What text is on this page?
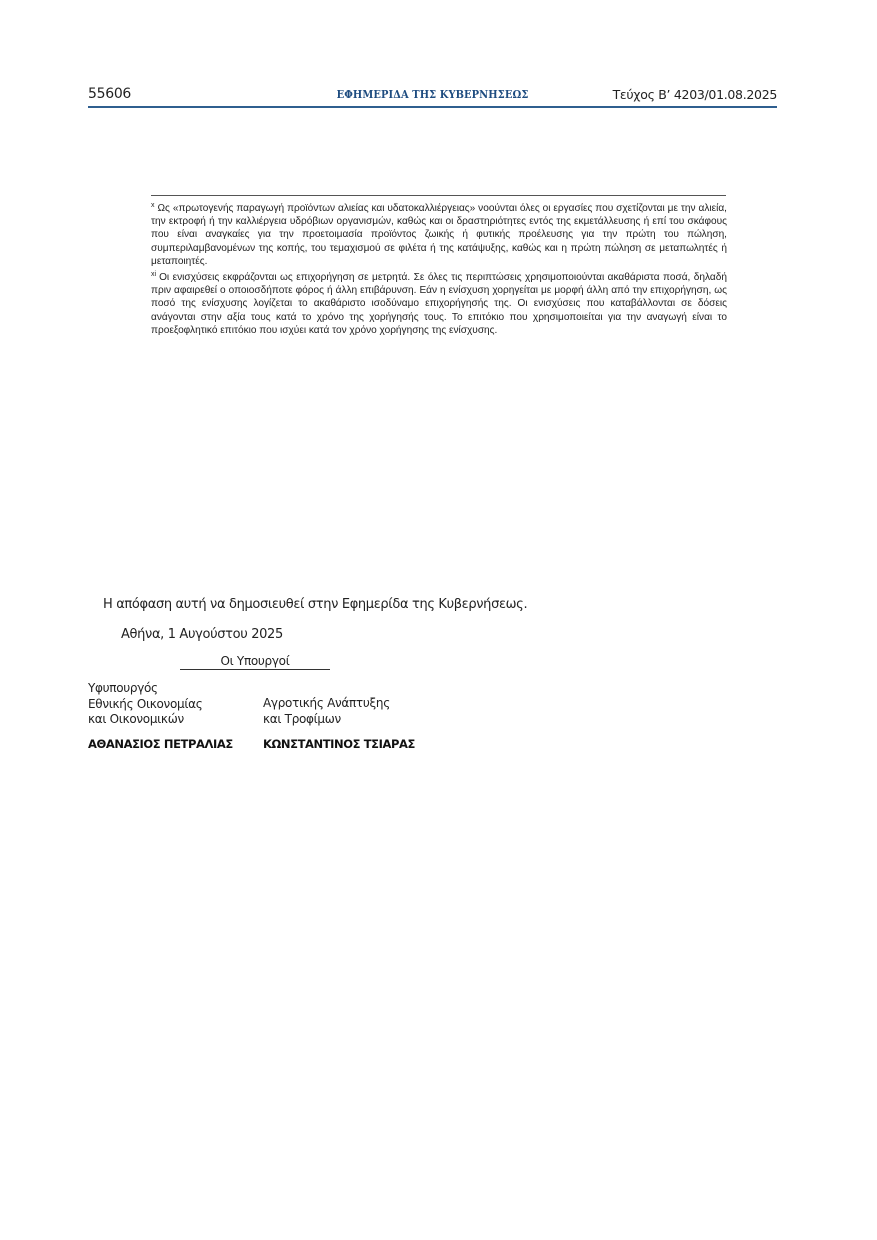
55606	ΕΦΗΜΕΡΙΔΑ ΤΗΣ ΚΥΒΕΡΝΗΣΕΩΣ	Τεύχος Β’ 4203/01.08.2025

$^x$ Ως «πρωτογενής παραγωγή προϊόντων αλιείας και υδατοκαλλιέργειας» νοούνται όλες οι εργασίες που σχετίζονται με την αλιεία, την εκτροφή ή την καλλιέργεια υδρόβιων οργανισμών, καθώς και οι δραστηριότητες εντός της εκμετάλλευσης ή επί του σκάφους που είναι αναγκαίες για την προετοιμασία προϊόντος ζωικής ή φυτικής προέλευσης για την πρώτη του πώληση, συμπεριλαμβανομένων της κοπής, του τεμαχισμού σε φιλέτα ή της κατάψυξης, καθώς και η πρώτη πώληση σε μεταπωλητές ή μεταποιητές.

$^{xi}$ Οι ενισχύσεις εκφράζονται ως επιχορήγηση σε μετρητά. Σε όλες τις περιπτώσεις χρησιμοποιούνται ακαθάριστα ποσά, δηλαδή πριν αφαιρεθεί ο οποιοσδήποτε φόρος ή άλλη επιβάρυνση. Εάν η ενίσχυση χορηγείται με μορφή άλλη από την επιχορήγηση, ως ποσό της ενίσχυσης λογίζεται το ακαθάριστο ισοδύναμο επιχορήγησής της. Οι ενισχύσεις που καταβάλλονται σε δόσεις ανάγονται στην αξία τους κατά το χρόνο της χορήγησής τους. Το επιτόκιο που χρησιμοποιείται για την αναγωγή είναι το προεξοφλητικό επιτόκιο που ισχύει κατά τον χρόνο χορήγησης της ενίσχυσης.

Η απόφαση αυτή να δημοσιευθεί στην Εφημερίδα της Κυβερνήσεως.
Αθήνα, 1 Αυγούστου 2025
Οι Υπουργοί
Υφυπουργός
Εθνικής Οικονομίας
και Οικονομικών
Αγροτικής Ανάπτυξης
και Τροφίμων
ΑΘΑΝΑΣΙΟΣ ΠΕΤΡΑΛΙΑΣ	ΚΩΝΣΤΑΝΤΙΝΟΣ ΤΣΙΑΡΑΣ
